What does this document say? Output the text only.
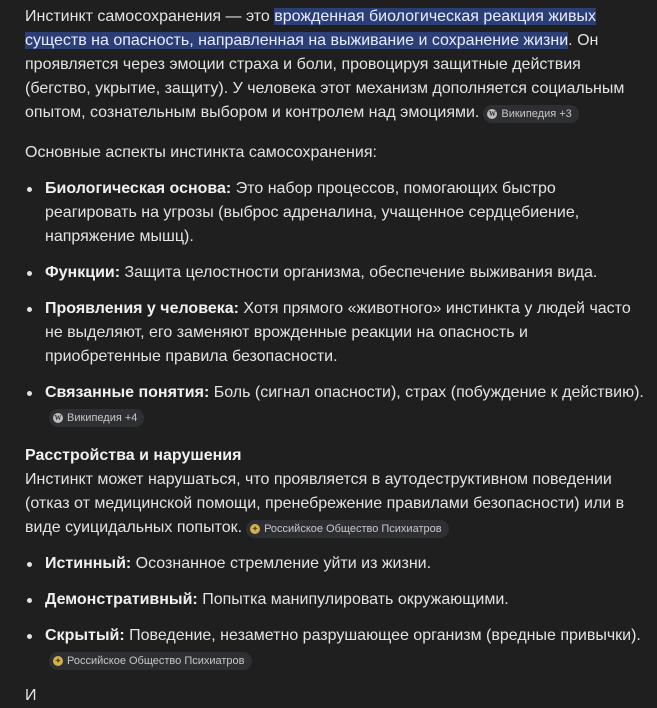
Инстинкт самосохранения — это врожденная биологическая реакция живых существ на опасность, направленная на выживание и сохранение жизни. Он проявляется через эмоции страха и боли, провоцируя защитные действия (бегство, укрытие, защиту). У человека этот механизм дополняется социальным опытом, сознательным выбором и контролем над эмоциями. W Википедия +3

Основные аспекты инстинкта самосохранения:

Биологическая основа: Это набор процессов, помогающих быстро реагировать на угрозы (выброс адреналина, учащенное сердцебиение, напряжение мышц).
Функции: Защита целостности организма, обеспечение выживания вида.
Проявления у человека: Хотя прямого «животного» инстинкта у людей часто не выделяют, его заменяют врожденные реакции на опасность и приобретенные правила безопасности.
Связанные понятия: Боль (сигнал опасности), страх (побуждение к действию).
W Википедия +4

Расстройства и нарушения

Инстинкт может нарушаться, что проявляется в аутодеструктивном поведении (отказ от медицинской помощи, пренебрежение правилами безопасности) или в виде суицидальных попыток. ✦ Российское Общество Психиатров

Истинный: Осознанное стремление уйти из жизни.
Демонстративный: Попытка манипулировать окружающими.
Скрытый: Поведение, незаметно разрушающее организм (вредные привычки).
✦ Российское Общество Психиатров

И
